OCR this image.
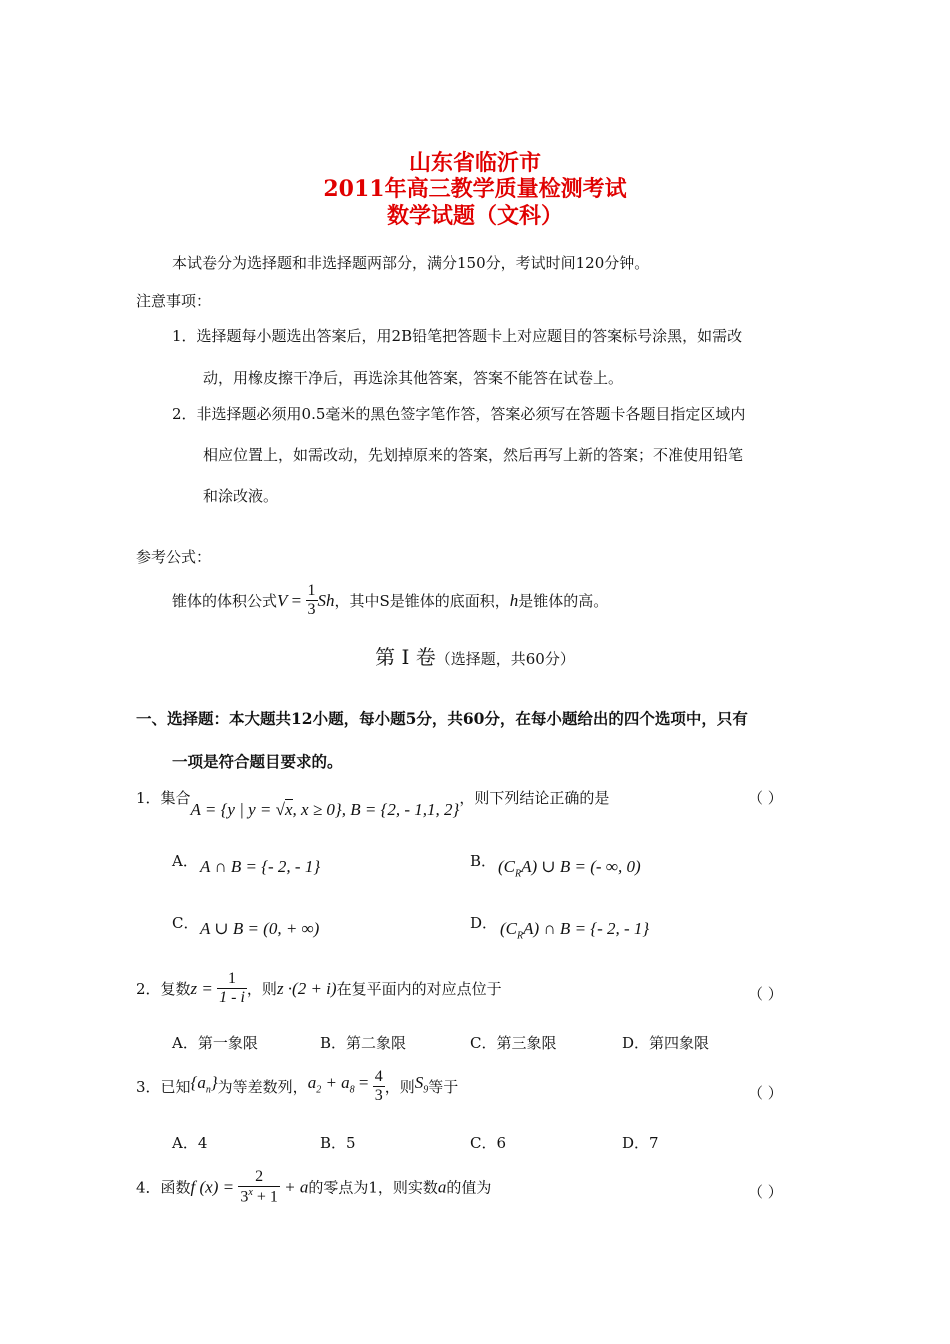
山东省临沂市
2011年高三教学质量检测考试
数学试题（文科）
本试卷分为选择题和非选择题两部分，满分150分，考试时间120分钟。
注意事项：
1．选择题每小题选出答案后，用2B铅笔把答题卡上对应题目的答案标号涂黑，如需改
动，用橡皮擦干净后，再选涂其他答案，答案不能答在试卷上。
2．非选择题必须用0.5毫米的黑色签字笔作答，答案必须写在答题卡各题目指定区域内
相应位置上，如需改动，先划掉原来的答案，然后再写上新的答案；不准使用铅笔
和涂改液。
参考公式：
锥体的体积公式$V = \frac{1}{3}$ Sh，其中S是锥体的底面积，h是锥体的高。
第 Ⅰ 卷（选择题，共60分）
一、选择题：本大题共12小题，每小题5分，共60分，在每小题给出的四个选项中，只有
一项是符合题目要求的。
1．集合A = {y | y = √x, x ≥ 0}, B = {2, - 1,1, 2}，则下列结论正确的是	（ ）
A． A ∩ B = {- 2, - 1}	B． $(C_RA)$ ∪ B = (- ∞, 0)
C． A ∪ B = (0, + ∞)	D． $(C_RA)$ ∩ B = {- 2, - 1}
2．复数$z = \frac{1}{1 - i}$ ，则z ·(2 + i)在复平面内的对应点位于	（ ）
A．第一象限	B．第二象限	C．第三象限	D．第四象限
3．已知$\{a_n\}$为等差数列，$a_2 + a_8 = \frac{4}{3}$ ，则$S_9$等于	（ ）
A．4	B．5	C．6	D．7
4．函数f $(x) = \frac{2}{3^x + 1} + a$的零点为1，则实数a的值为	（ ）
